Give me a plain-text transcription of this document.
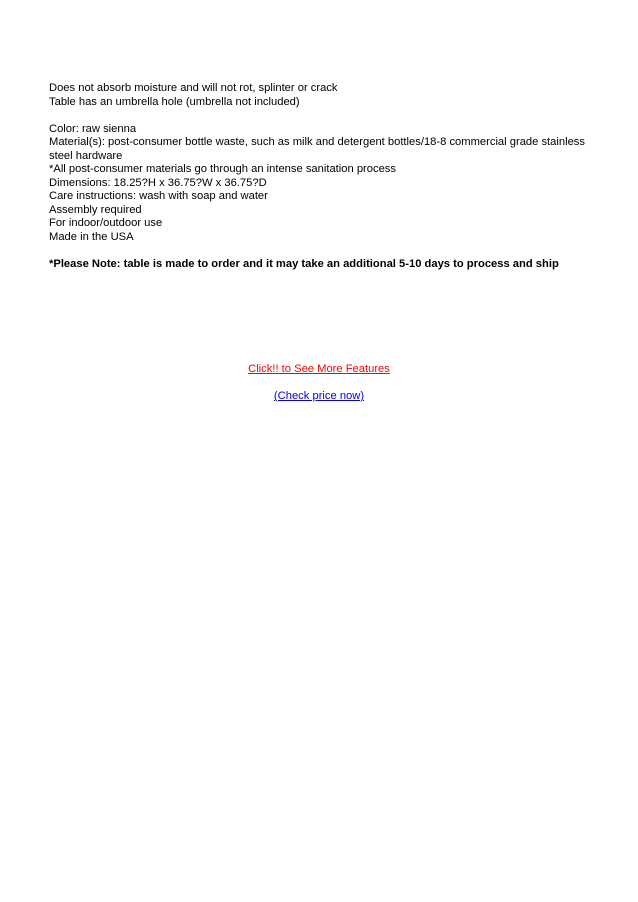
Does not absorb moisture and will not rot, splinter or crack

Table has an umbrella hole (umbrella not included)

Color: raw sienna

Material(s): post-consumer bottle waste, such as milk and detergent bottles/18-8 commercial grade stainless steel hardware

*All post-consumer materials go through an intense sanitation process

Dimensions: 18.25?H x 36.75?W x 36.75?D

Care instructions: wash with soap and water

Assembly required

For indoor/outdoor use

Made in the USA

*Please Note: table is made to order and it may take an additional 5-10 days to process and ship

Click!! to See More Features
(Check price now)
